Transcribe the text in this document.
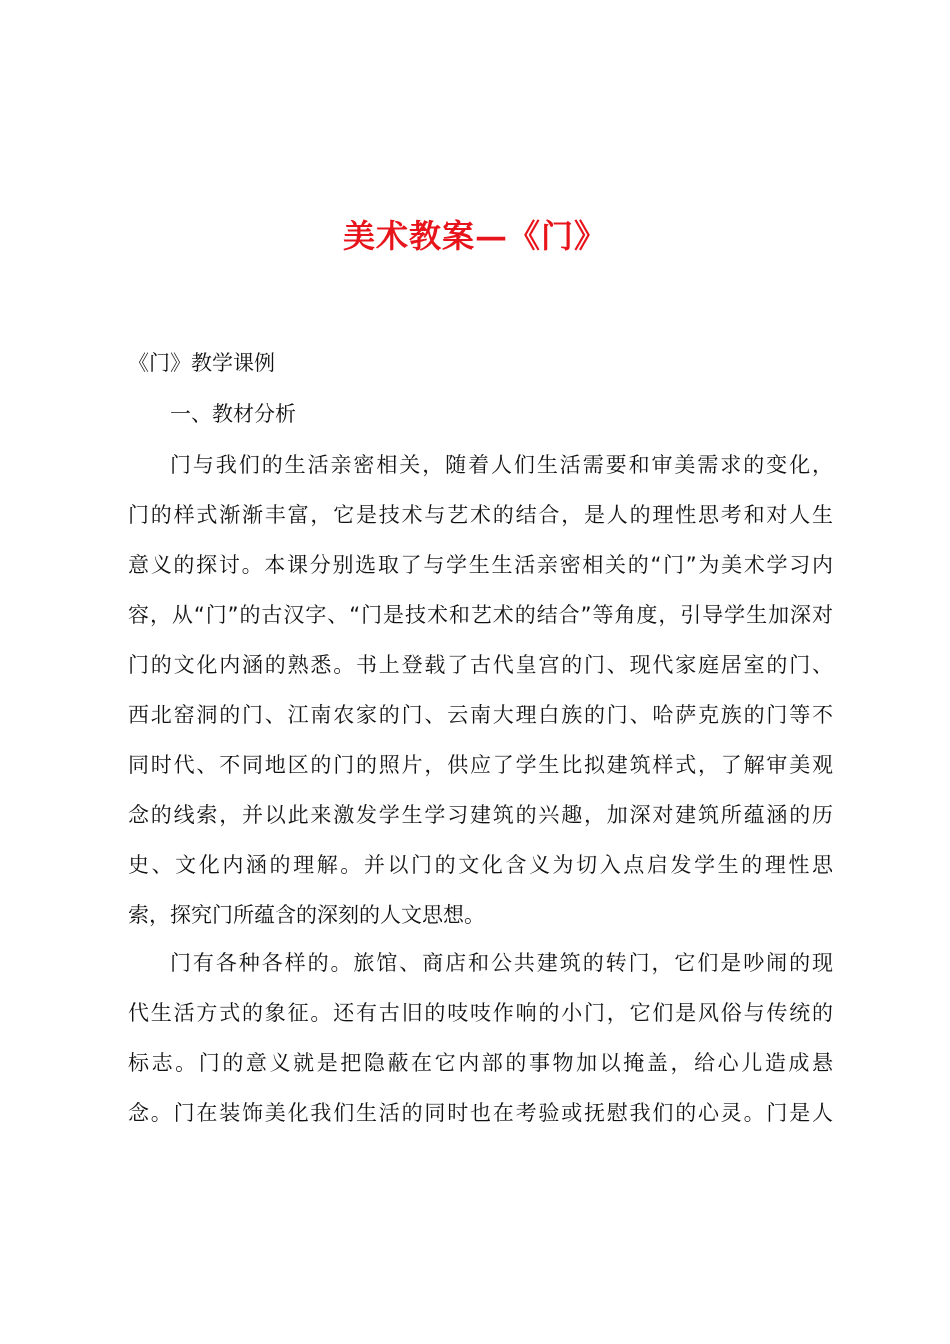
美术教案—《门》

《门》教学课例

一、教材分析

门与我们的生活亲密相关，随着人们生活需要和审美需求的变化，
门的样式渐渐丰富，它是技术与艺术的结合，是人的理性思考和对人生
意义的探讨。本课分别选取了与学生生活亲密相关的“门”为美术学习内
容，从“门”的古汉字、“门是技术和艺术的结合”等角度，引导学生加深对
门的文化内涵的熟悉。书上登载了古代皇宫的门、现代家庭居室的门、
西北窑洞的门、江南农家的门、云南大理白族的门、哈萨克族的门等不
同时代、不同地区的门的照片，供应了学生比拟建筑样式，了解审美观
念的线索，并以此来激发学生学习建筑的兴趣，加深对建筑所蕴涵的历
史、文化内涵的理解。并以门的文化含义为切入点启发学生的理性思
索，探究门所蕴含的深刻的人文思想。
门有各种各样的。旅馆、商店和公共建筑的转门，它们是吵闹的现
代生活方式的象征。还有古旧的吱吱作响的小门，它们是风俗与传统的
标志。门的意义就是把隐蔽在它内部的事物加以掩盖，给心儿造成悬
念。门在装饰美化我们生活的同时也在考验或抚慰我们的心灵。门是人
